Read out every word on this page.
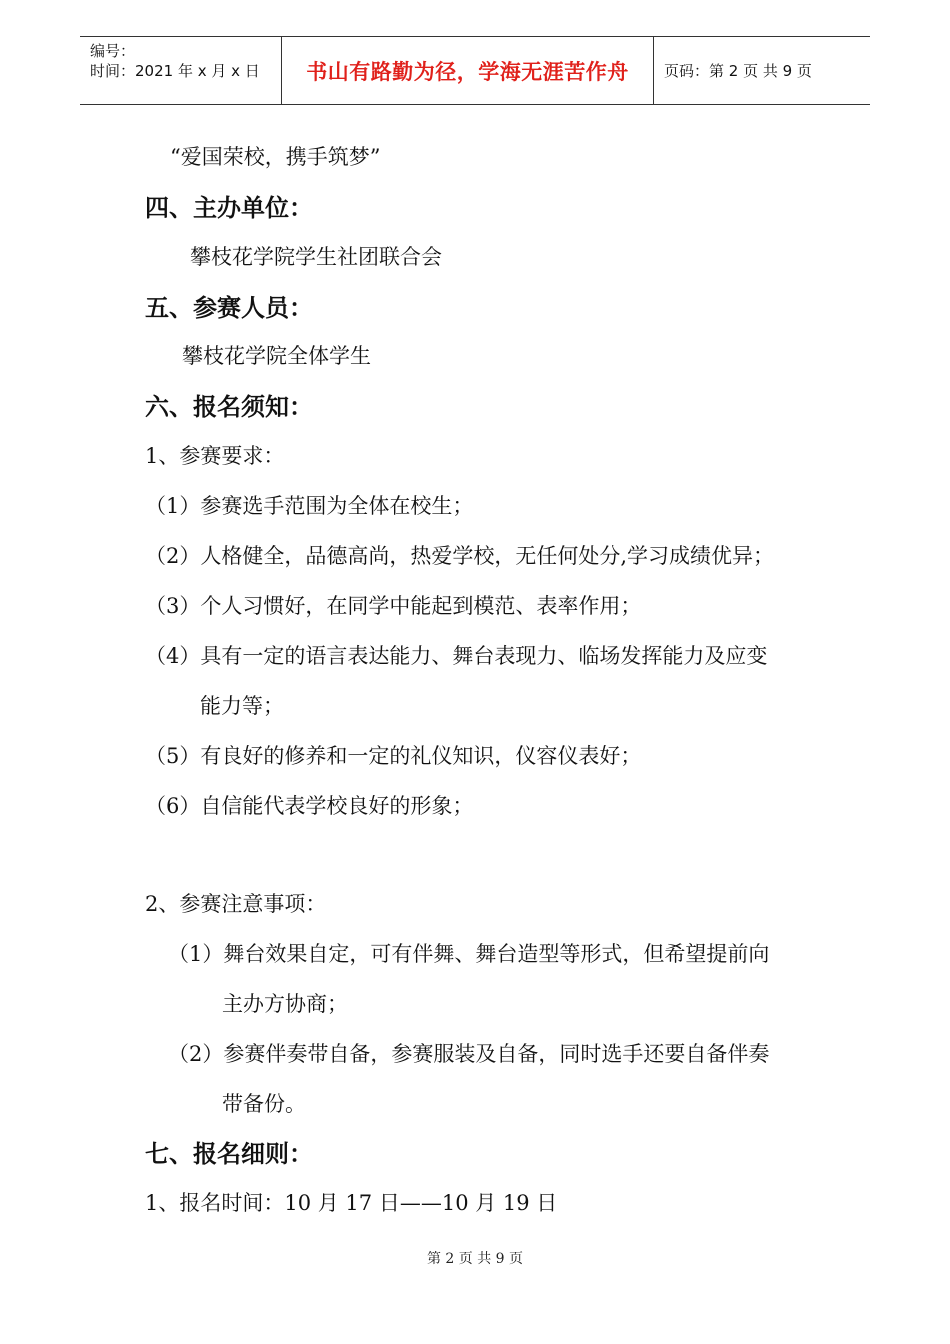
编号：
时间：2021 年 x 月 x 日	书山有路勤为径，学海无涯苦作舟	页码：第 2 页 共 9 页
“爱国荣校，携手筑梦”
四、主办单位：
攀枝花学院学生社团联合会
五、参赛人员：
攀枝花学院全体学生
六、报名须知：
1、参赛要求：
（1）参赛选手范围为全体在校生；
（2）人格健全，品德高尚，热爱学校，无任何处分,学习成绩优异；
（3）个人习惯好，在同学中能起到模范、表率作用；
（4）具有一定的语言表达能力、舞台表现力、临场发挥能力及应变
能力等；
（5）有良好的修养和一定的礼仪知识，仪容仪表好；
（6）自信能代表学校良好的形象；
2、参赛注意事项：
（1）舞台效果自定，可有伴舞、舞台造型等形式，但希望提前向
主办方协商；
（2）参赛伴奏带自备，参赛服装及自备，同时选手还要自备伴奏
带备份。
七、报名细则：
1、报名时间：10 月 17 日——10 月 19 日
第 2 页 共 9 页
